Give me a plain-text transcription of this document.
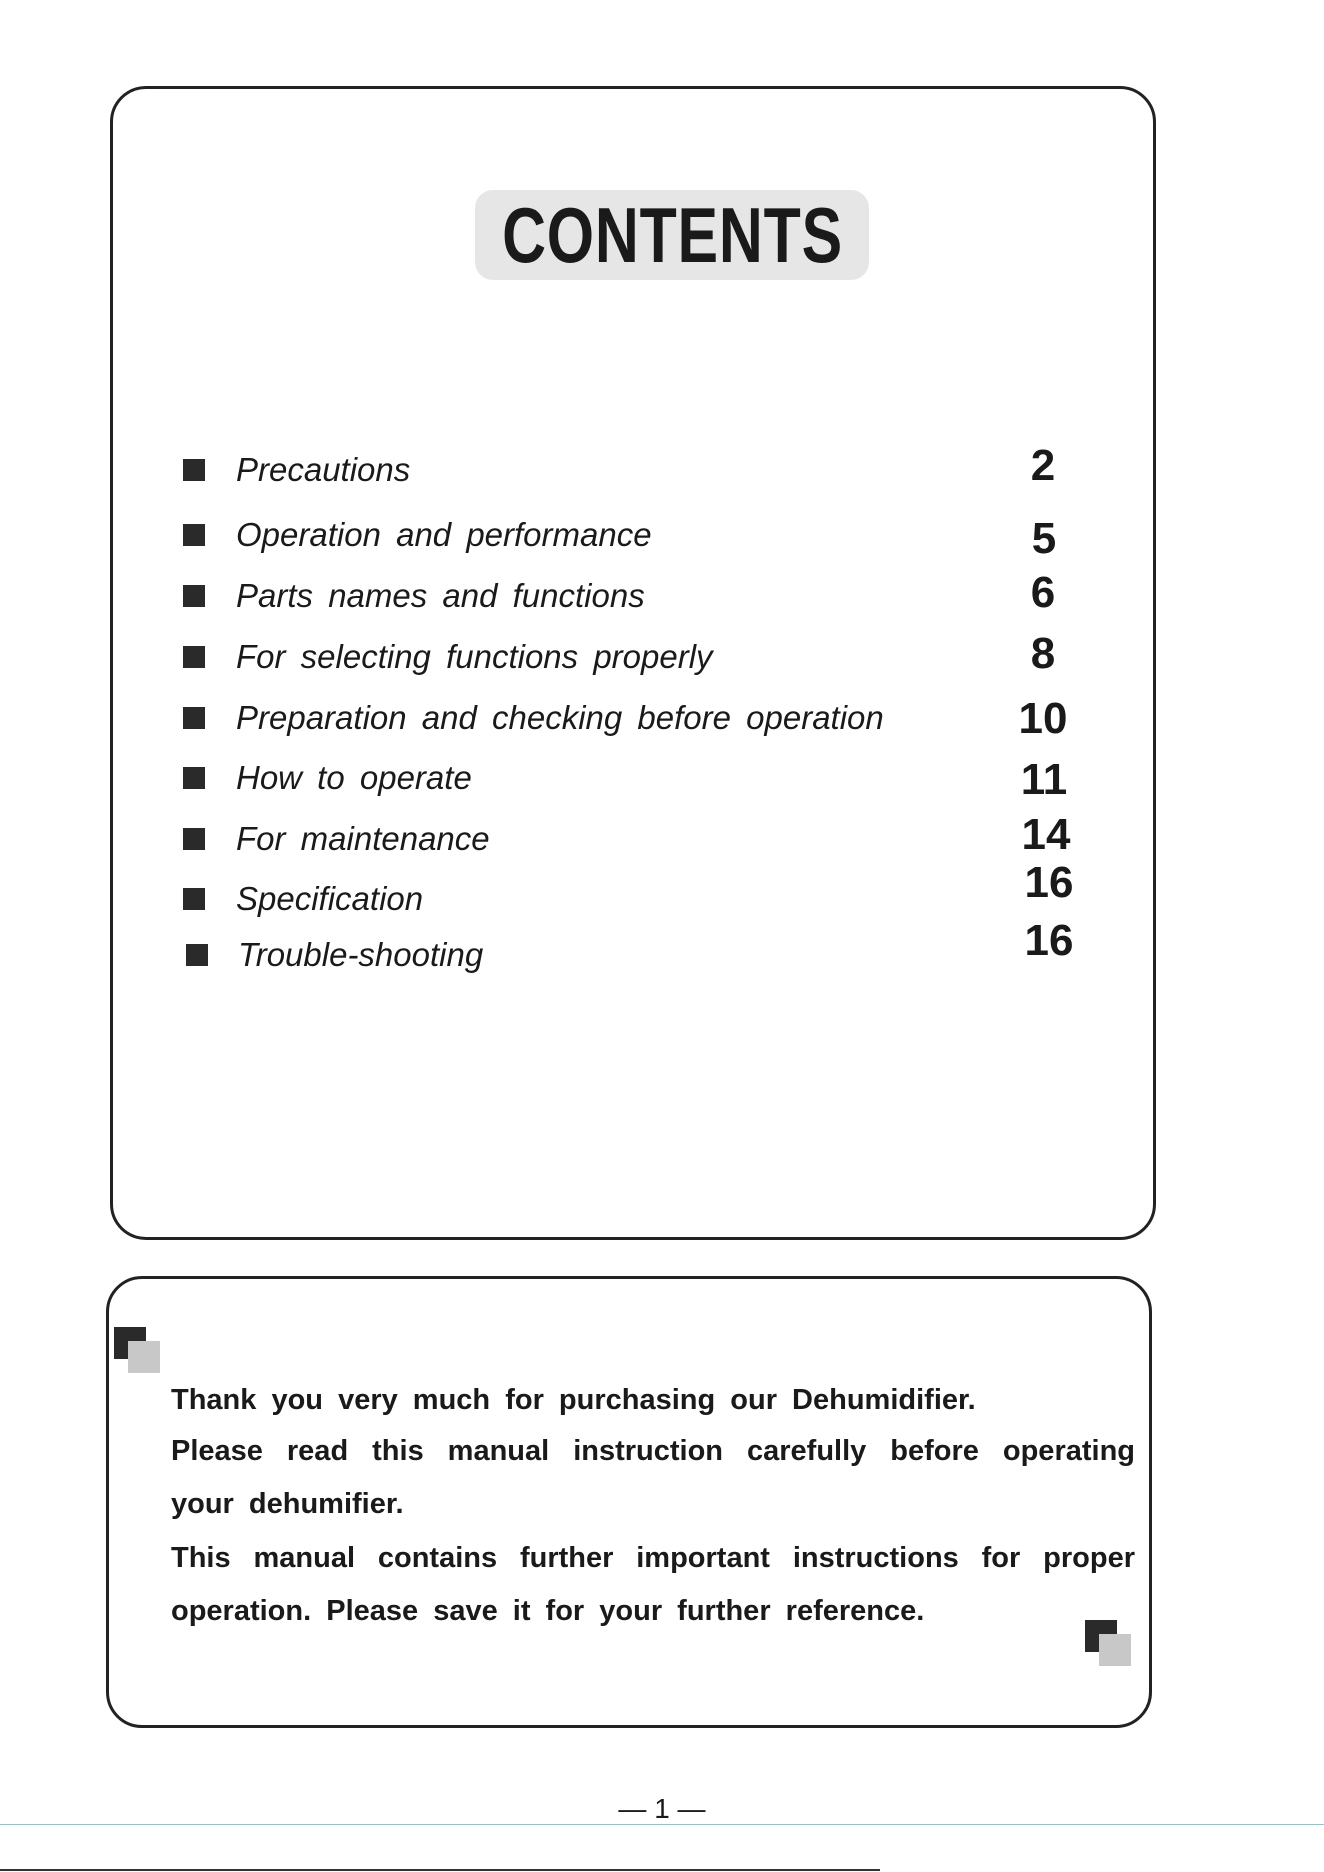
CONTENTS
Precautions	2
Operation and performance	5
Parts names and functions	6
For selecting functions properly	8
Preparation and checking before operation	10
How to operate	11
For maintenance	14
Specification	16
Trouble-shooting	16
Thank you very much for purchasing our Dehumidifier.
Please read this manual instruction carefully before operating
your dehumifier.
This manual contains further important instructions for proper
operation. Please save it for your further reference.
— 1 —
